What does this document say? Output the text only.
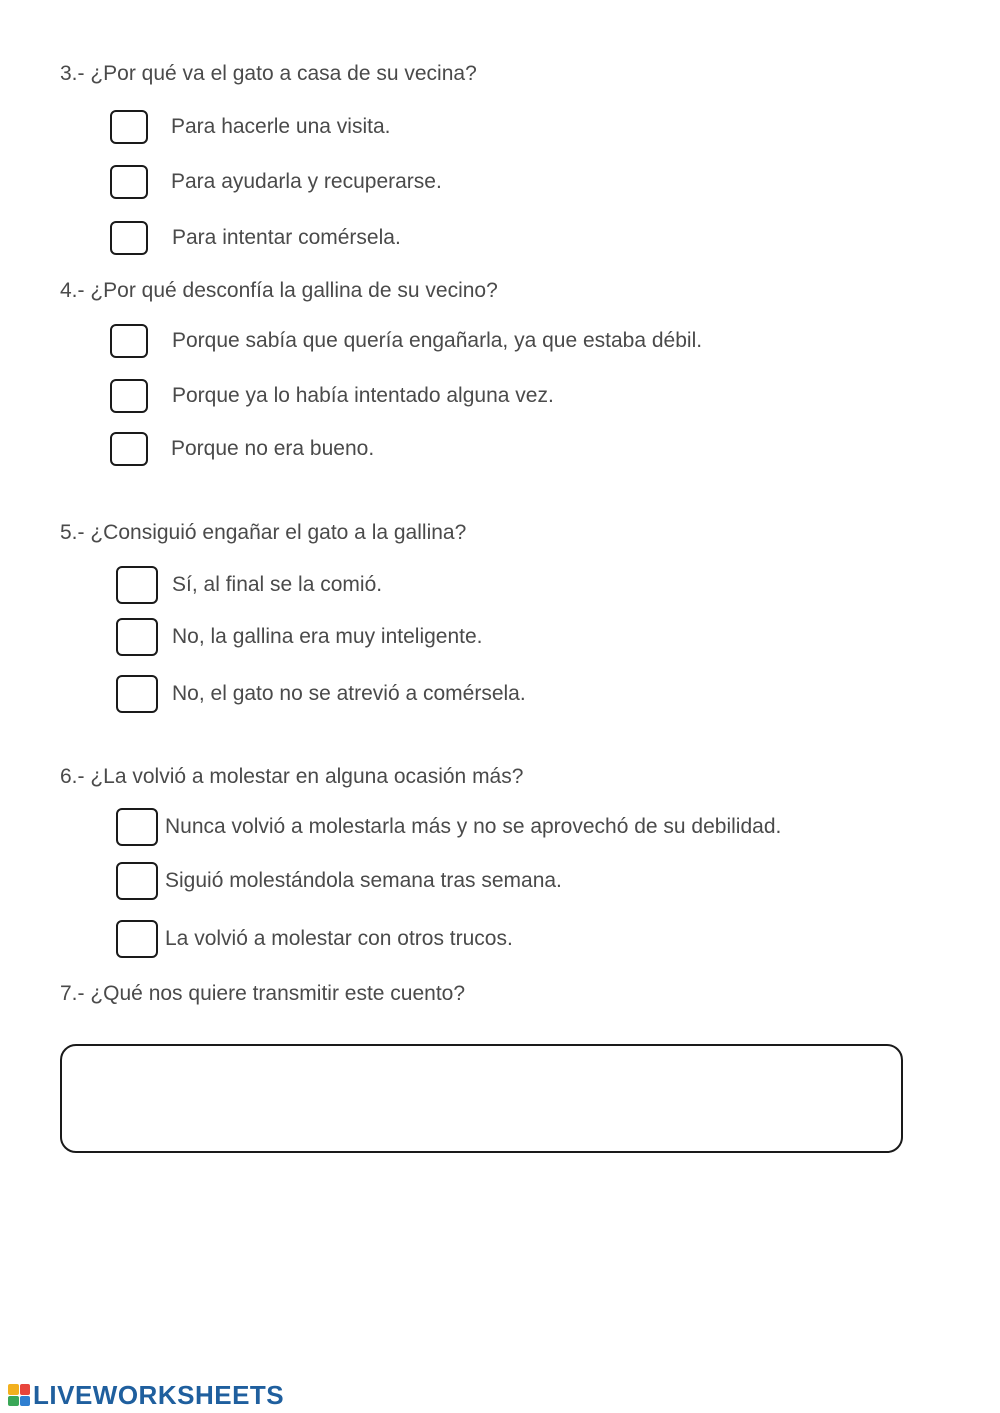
3.- ¿Por qué va el gato a casa de su vecina?
Para hacerle una visita.
Para ayudarla y recuperarse.
Para intentar comérsela.
4.- ¿Por qué desconfía la gallina de su vecino?
Porque sabía que quería engañarla, ya que estaba débil.
Porque ya lo había intentado alguna vez.
Porque no era bueno.
5.- ¿Consiguió engañar el gato a la gallina?
Sí, al final se la comió.
No, la gallina era muy inteligente.
No, el gato no se atrevió a comérsela.
6.- ¿La volvió a molestar en alguna ocasión más?
Nunca volvió a molestarla más y no se aprovechó de su debilidad.
Siguió molestándola semana tras semana.
La volvió a molestar con otros trucos.
7.- ¿Qué nos quiere transmitir este cuento?
LIVEWORKSHEETS
